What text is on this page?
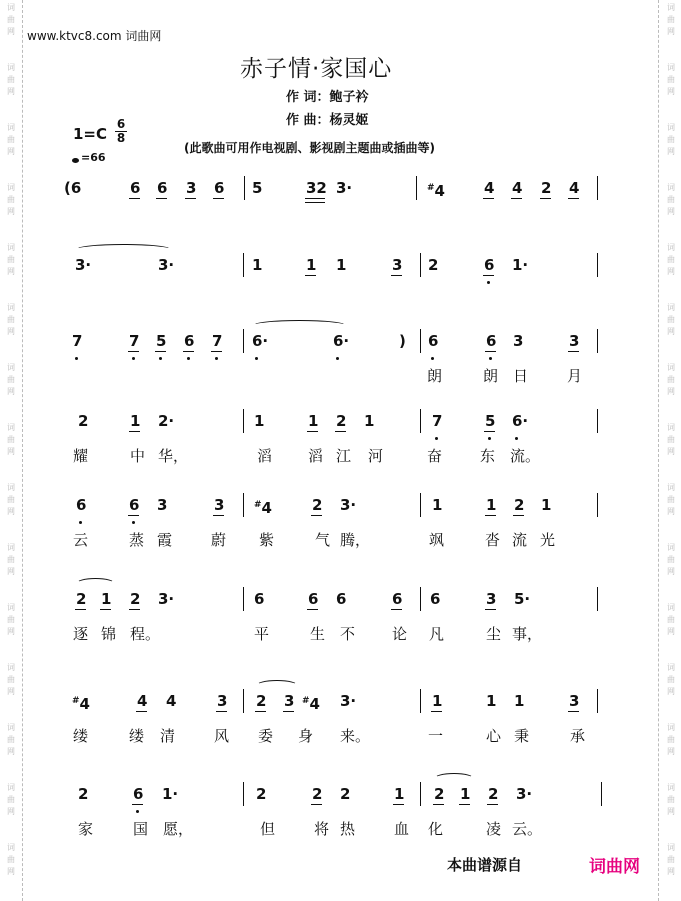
词
曲
网
词
曲
网
词
曲
网
词
曲
网
词
曲
网
词
曲
网
词
曲
网
词
曲
网
词
曲
网
词
曲
网
词
曲
网
词
曲
网
词
曲
网
词
曲
网
词
曲
网
词
曲
网
词
曲
网
词
曲
网
词
曲
网
词
曲
网
词
曲
网
词
曲
网
词
曲
网
词
曲
网
词
曲
网
词
曲
网
词
曲
网
词
曲
网
词
曲
网
词
曲
网
www.ktvc8.com 词曲网
赤子情·家国心
作 词：鲍子衿
作 曲：杨灵姬
1=C
6
8
=66
(此歌曲可用作电视剧、影视剧主题曲或插曲等)
(6	6 6 3 6 5	32 3·	#4	4 4 2 4
3·	3·	1	1 1	3 2	6 1·
7	7 5 6 7 6·	6·	) 6	6 3	3
朗	朗 日	月
2	1 2·	1	1 2 1	7	5 6·
耀	中 华，	滔 滔 江 河	奋	东 流。
6	6 3	3	#4	2 3·	1	1 2 1
云	蒸 霞	蔚 紫	气 腾，	飒	沓 流 光
2 1 2 3·	6	6 6	6 6	3 5·
逐 锦 程。	平	生 不 论 凡	尘 事，
#4	4 4	3 2 3 #4 3·	1	1 1	3
缕	缕 清	风 委 身 来。	一	心 秉	承
2	6 1·	2	2 2	1 2 1 2 3·
家	国 愿，	但	将 热	血 化	凌 云。
本曲谱源自	词曲网
